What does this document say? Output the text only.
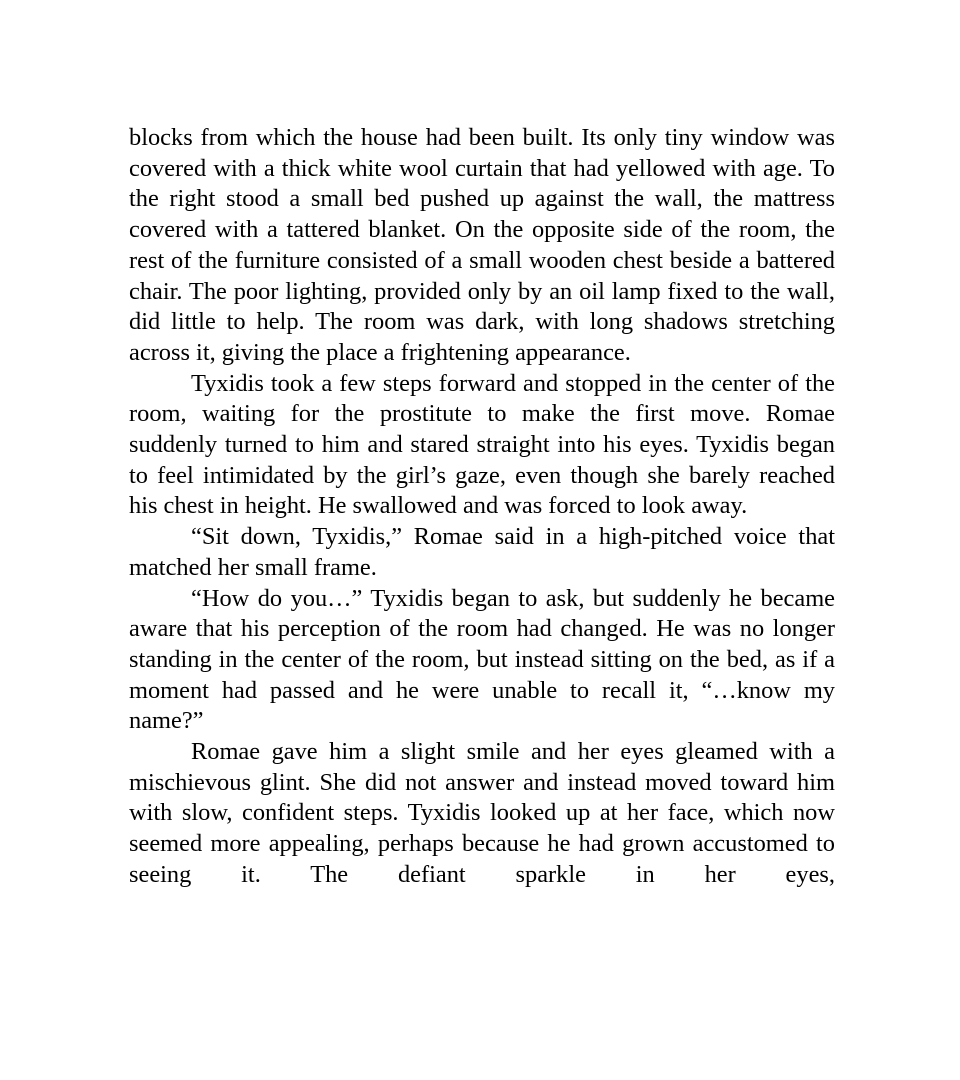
blocks from which the house had been built. Its only tiny window was covered with a thick white wool curtain that had yellowed with age. To the right stood a small bed pushed up against the wall, the mattress covered with a tattered blanket. On the opposite side of the room, the rest of the furniture consisted of a small wooden chest beside a battered chair. The poor lighting, provided only by an oil lamp fixed to the wall, did little to help. The room was dark, with long shadows stretching across it, giving the place a frightening appearance.

Tyxidis took a few steps forward and stopped in the center of the room, waiting for the prostitute to make the first move. Romae suddenly turned to him and stared straight into his eyes. Tyxidis began to feel intimidated by the girl’s gaze, even though she barely reached his chest in height. He swallowed and was forced to look away.

“Sit down, Tyxidis,” Romae said in a high-pitched voice that matched her small frame.

“How do you…” Tyxidis began to ask, but suddenly he became aware that his perception of the room had changed. He was no longer standing in the center of the room, but instead sitting on the bed, as if a moment had passed and he were unable to recall it, “…know my name?”

Romae gave him a slight smile and her eyes gleamed with a mischievous glint. She did not answer and instead moved toward him with slow, confident steps. Tyxidis looked up at her face, which now seemed more appealing, perhaps because he had grown accustomed to seeing it. The defiant sparkle in her eyes,
